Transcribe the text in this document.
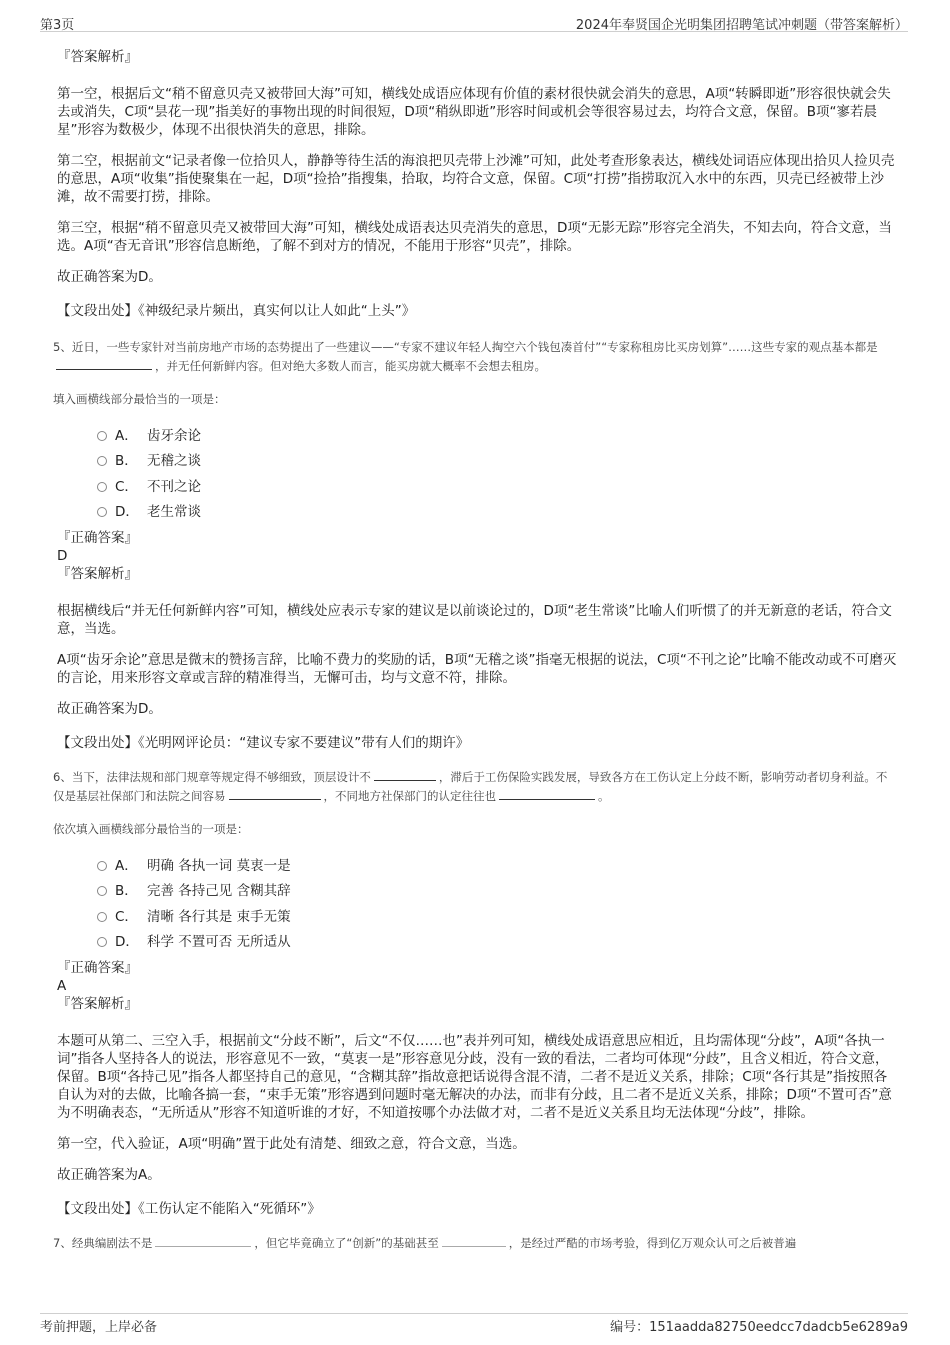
第3页	2024年奉贤国企光明集团招聘笔试冲刺题（带答案解析）
『答案解析』
第一空，根据后文“稍不留意贝壳又被带回大海”可知，横线处成语应体现有价值的素材很快就会消失的意思，A项“转瞬即逝”形容很快就会失去或消失，C项“昙花一现”指美好的事物出现的时间很短，D项“稍纵即逝”形容时间或机会等很容易过去，均符合文意，保留。B项“寥若晨星”形容为数极少，体现不出很快消失的意思，排除。
第二空，根据前文“记录者像一位拾贝人，静静等待生活的海浪把贝壳带上沙滩”可知，此处考查形象表达，横线处词语应体现出拾贝人捡贝壳的意思，A项“收集”指使聚集在一起，D项“捡拾”指搜集，拾取，均符合文意，保留。C项“打捞”指捞取沉入水中的东西，贝壳已经被带上沙滩，故不需要打捞，排除。
第三空，根据“稍不留意贝壳又被带回大海”可知，横线处成语表达贝壳消失的意思，D项“无影无踪”形容完全消失，不知去向，符合文意，当选。A项“杳无音讯”形容信息断绝，了解不到对方的情况，不能用于形容“贝壳”，排除。
故正确答案为D。
【文段出处】《神级纪录片频出，真实何以让人如此“上头”》
5、近日，一些专家针对当前房地产市场的态势提出了一些建议——“专家不建议年轻人掏空六个钱包凑首付”“专家称租房比买房划算”……这些专家的观点基本都是，并无任何新鲜内容。但对绝大多数人而言，能买房就大概率不会想去租房。
填入画横线部分最恰当的一项是：
A． 齿牙余论
B． 无稽之谈
C． 不刊之论
D． 老生常谈
『正确答案』
D
『答案解析』
根据横线后“并无任何新鲜内容”可知，横线处应表示专家的建议是以前谈论过的，D项“老生常谈”比喻人们听惯了的并无新意的老话，符合文意，当选。
A项“齿牙余论”意思是微末的赞扬言辞，比喻不费力的奖励的话，B项“无稽之谈”指毫无根据的说法，C项“不刊之论”比喻不能改动或不可磨灭的言论，用来形容文章或言辞的精准得当，无懈可击，均与文意不符，排除。
故正确答案为D。
【文段出处】《光明网评论员：“建议专家不要建议”带有人们的期许》
6、当下，法律法规和部门规章等规定得不够细致，顶层设计不	，滞后于工伤保险实践发展，导致各方在工伤认定上分歧不断，影响劳动者切身利益。不仅是基层社保部门和法院之间容易	，不同地方社保部门的认定往往也	。
依次填入画横线部分最恰当的一项是：
A． 明确 各执一词 莫衷一是
B． 完善 各持己见 含糊其辞
C． 清晰 各行其是 束手无策
D． 科学 不置可否 无所适从
『正确答案』
A
『答案解析』
本题可从第二、三空入手，根据前文“分歧不断”，后文“不仅……也”表并列可知，横线处成语意思应相近，且均需体现“分歧”，A项“各执一词”指各人坚持各人的说法，形容意见不一致，“莫衷一是”形容意见分歧，没有一致的看法，二者均可体现“分歧”，且含义相近，符合文意，保留。B项“各持己见”指各人都坚持自己的意见，“含糊其辞”指故意把话说得含混不清，二者不是近义关系，排除；C项“各行其是”指按照各自认为对的去做，比喻各搞一套，“束手无策”形容遇到问题时毫无解决的办法，而非有分歧，且二者不是近义关系，排除；D项“不置可否”意为不明确表态，“无所适从”形容不知道听谁的才好，不知道按哪个办法做才对，二者不是近义关系且均无法体现“分歧”，排除。
第一空，代入验证，A项“明确”置于此处有清楚、细致之意，符合文意，当选。
故正确答案为A。
【文段出处】《工伤认定不能陷入“死循环”》
7、经典编剧法不是	，但它毕竟确立了“创新”的基础甚至	，是经过严酷的市场考验，得到亿万观众认可之后被普遍
考前押题，上岸必备	编号：151aadda82750eedcc7dadcb5e6289a9
